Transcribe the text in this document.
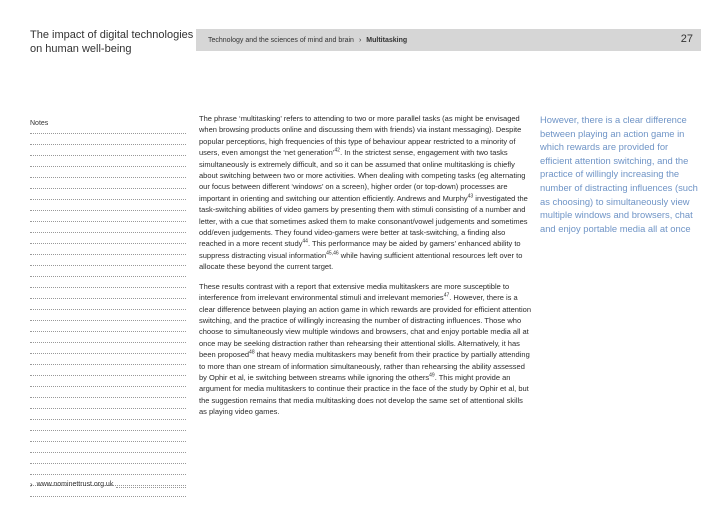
The impact of digital technologies on human well-being
Technology and the sciences of mind and brain › Multitasking	27
Notes
› www.nominettrust.org.uk

The phrase ‘multitasking’ refers to attending to two or more parallel tasks (as might be envisaged when browsing products online and discussing them with friends) via instant messaging). Despite popular perceptions, high frequencies of this type of behaviour appear restricted to a minority of users, even amongst the ‘net generation’$^{42}$. In the strictest sense, engagement with two tasks simultaneously is extremely difficult, and so it can be assumed that online multitasking is chiefly about switching between two or more activities. When dealing with competing tasks (eg alternating our focus between different ‘windows’ on a screen), higher order (or top-down) processes are important in orienting and switching our attention efficiently. Andrews and Murphy$^{43}$ investigated the task-switching abilities of video gamers by presenting them with stimuli consisting of a number and letter, with a cue that sometimes asked them to make consonant/vowel judgements and sometimes odd/even judgements. They found video-gamers were better at task-switching, a finding also reached in a more recent study$^{44}$. This performance may be aided by gamers’ enhanced ability to suppress distracting visual information$^{45,46}$ while having sufficient attentional resources left over to allocate these beyond the current target.

These results contrast with a report that extensive media multitaskers are more susceptible to interference from irrelevant environmental stimuli and irrelevant memories$^{47}$. However, there is a clear difference between playing an action game in which rewards are provided for efficient attention switching, and the practice of willingly increasing the number of distracting influences. Those who choose to simultaneously view multiple windows and browsers, chat and enjoy portable media all at once may be seeking distraction rather than rehearsing their attentional skills. Alternatively, it has been proposed$^{48}$ that heavy media multitaskers may benefit from their practice by partially attending to more than one stream of information simultaneously, rather than rehearsing the ability assessed by Ophir et al, ie switching between streams while ignoring the others$^{49}$. This might provide an argument for media multitaskers to continue their practice in the face of the study by Ophir et al, but the suggestion remains that media multitasking does not develop the same set of attentional skills as playing video games.

However, there is a clear difference between playing an action game in which rewards are provided for efficient attention switching, and the practice of willingly increasing the number of distracting influences (such as choosing) to simultaneously view multiple windows and browsers, chat and enjoy portable media all at once
